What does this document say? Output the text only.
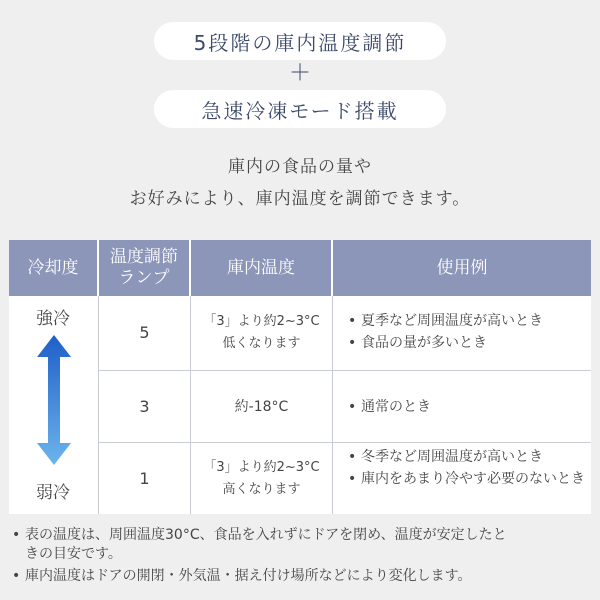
5段階の庫内温度調節
＋
急速冷凍モード搭載
庫内の食品の量や
お好みにより、庫内温度を調節できます。
冷却度
温度調節ランプ
庫内温度	使用例
強冷
弱冷
5
「3」より約2~3°C
低くなります
• 夏季など周囲温度が高いとき
• 食品の量が多いとき
3	約-18°C
•	通常のとき
1
「3」より約2~3°C
高くなります
• 冬季など周囲温度が高いとき
• 庫内をあまり冷やす必要のないとき
• 表の温度は、周囲温度30°C、食品を入れずにドアを閉め、温度が安定したときの目安です。
• 庫内温度はドアの開閉・外気温・据え付け場所などにより変化します。
